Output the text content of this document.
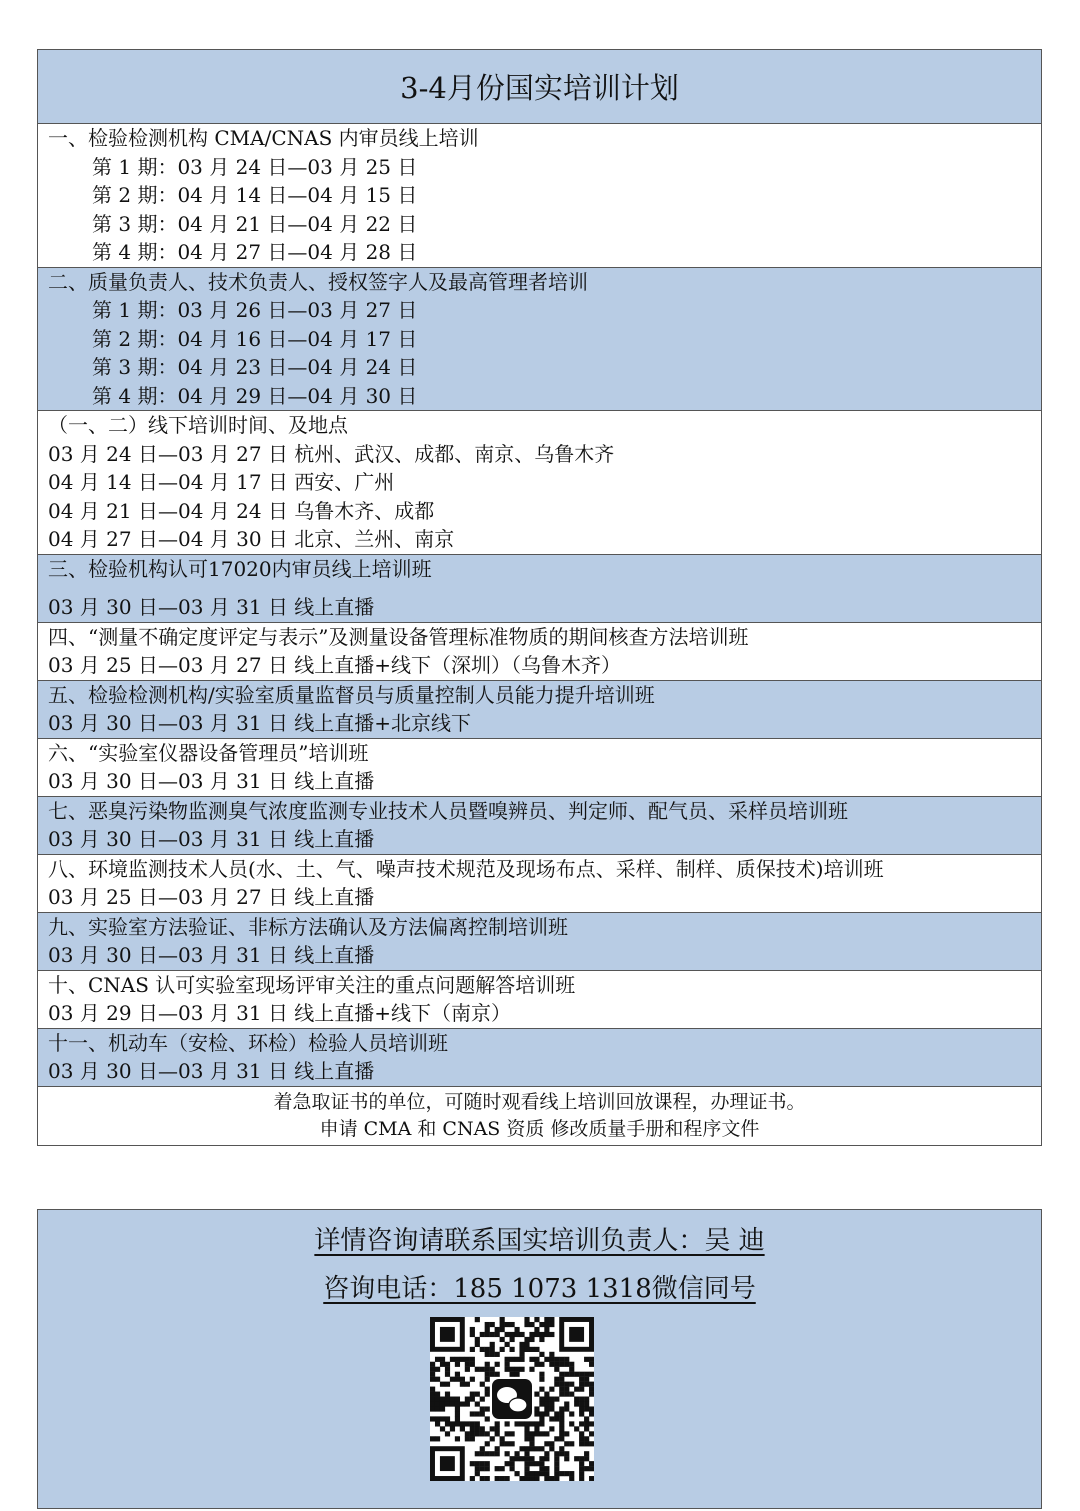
3-4月份国实培训计划
一、检验检测机构 CMA/CNAS 内审员线上培训
第 1 期：03 月 24 日—03 月 25 日
第 2 期：04 月 14 日—04 月 15 日
第 3 期：04 月 21 日—04 月 22 日
第 4 期：04 月 27 日—04 月 28 日
二、质量负责人、技术负责人、授权签字人及最高管理者培训
第 1 期：03 月 26 日—03 月 27 日
第 2 期：04 月 16 日—04 月 17 日
第 3 期：04 月 23 日—04 月 24 日
第 4 期：04 月 29 日—04 月 30 日
（一、二）线下培训时间、及地点
03 月 24 日—03 月 27 日 杭州、武汉、成都、南京、乌鲁木齐
04 月 14 日—04 月 17 日 西安、广州
04 月 21 日—04 月 24 日 乌鲁木齐、成都
04 月 27 日—04 月 30 日 北京、兰州、南京
三、检验机构认可17020内审员线上培训班
03 月 30 日—03 月 31 日 线上直播
四、“测量不确定度评定与表示”及测量设备管理标准物质的期间核查方法培训班
03 月 25 日—03 月 27 日 线上直播+线下（深圳）（乌鲁木齐）
五、检验检测机构/实验室质量监督员与质量控制人员能力提升培训班
03 月 30 日—03 月 31 日 线上直播+北京线下
六、“实验室仪器设备管理员”培训班
03 月 30 日—03 月 31 日 线上直播
七、恶臭污染物监测臭气浓度监测专业技术人员暨嗅辨员、判定师、配气员、采样员培训班
03 月 30 日—03 月 31 日 线上直播
八、环境监测技术人员(水、土、气、噪声技术规范及现场布点、采样、制样、质保技术)培训班
03 月 25 日—03 月 27 日 线上直播
九、实验室方法验证、非标方法确认及方法偏离控制培训班
03 月 30 日—03 月 31 日 线上直播
十、CNAS 认可实验室现场评审关注的重点问题解答培训班
03 月 29 日—03 月 31 日 线上直播+线下（南京）
十一、机动车（安检、环检）检验人员培训班
03 月 30 日—03 月 31 日 线上直播
着急取证书的单位，可随时观看线上培训回放课程，办理证书。
申请 CMA 和 CNAS 资质 修改质量手册和程序文件
详情咨询请联系国实培训负责人：吴 迪
咨询电话：185 1073 1318微信同号
